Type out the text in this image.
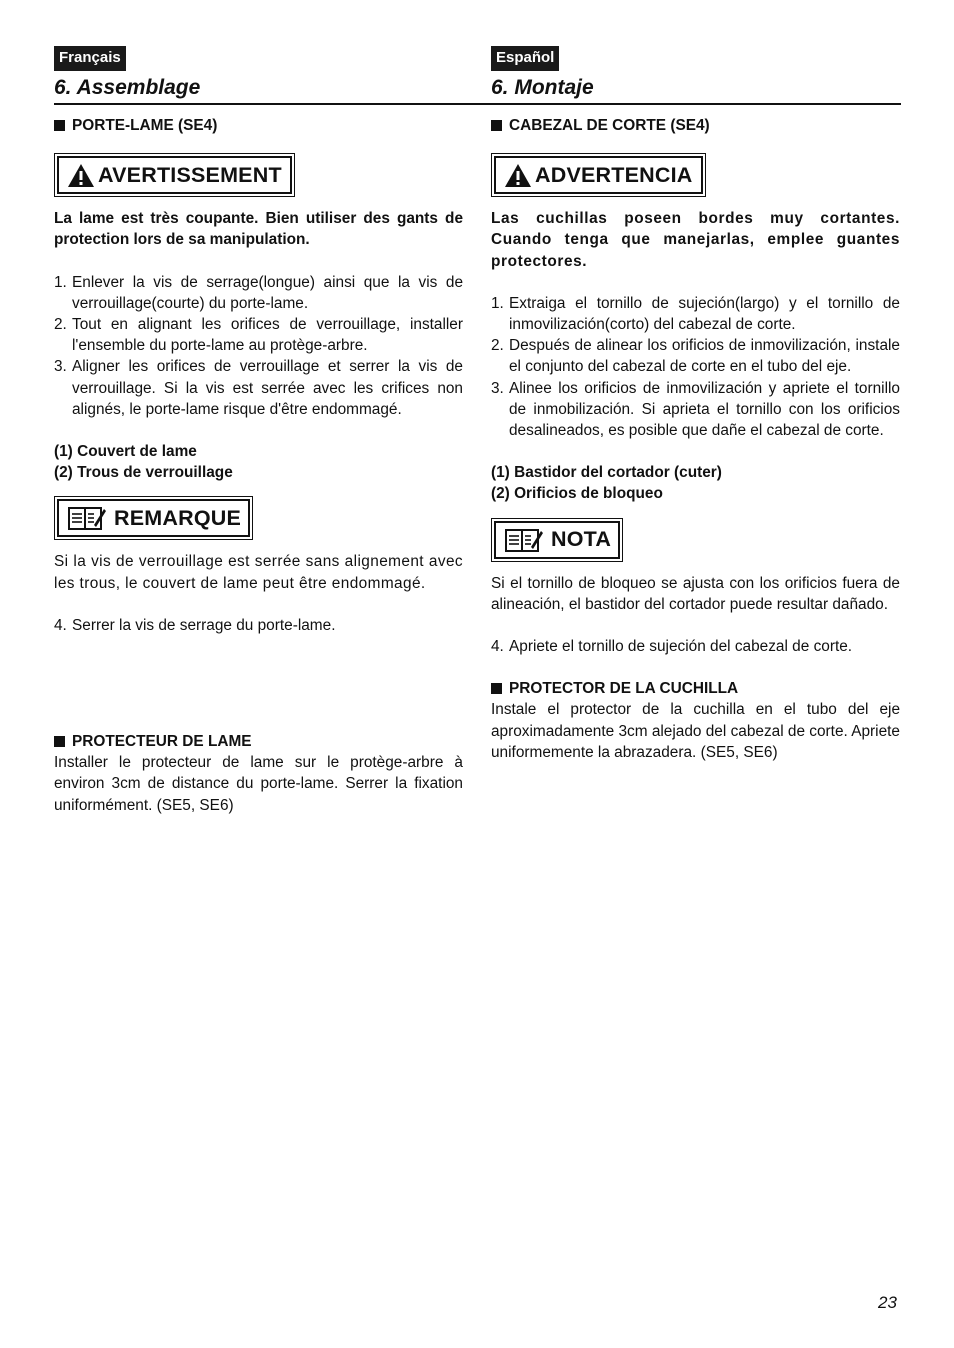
Français
6. Assemblage
PORTE-LAME (SE4)
AVERTISSEMENT

La lame est très coupante. Bien utiliser des gants de protection lors de sa manipulation.

1. Enlever la vis de serrage(longue) ainsi que la vis de verrouillage(courte) du porte-lame.
2. Tout en alignant les orifices de verrouillage, installer l'ensemble du porte-lame au protège-arbre.
3. Aligner les orifices de verrouillage et serrer la vis de verrouillage. Si la vis est serrée avec les crifices non alignés, le porte-lame risque d'être endommagé.
(1) Couvert de lame
(2) Trous de verrouillage
REMARQUE

Si la vis de verrouillage est serrée sans alignement avec les trous, le couvert de lame peut être endommagé.

4. Serrer la vis de serrage du porte-lame.
PROTECTEUR DE LAME

Installer le protecteur de lame sur le protège-arbre à environ 3cm de distance du porte-lame. Serrer la fixation uniformément. (SE5, SE6)

Español
6. Montaje
CABEZAL DE CORTE (SE4)
ADVERTENCIA

Las cuchillas poseen bordes muy cortantes. Cuando tenga que manejarlas, emplee guantes protectores.

1. Extraiga el tornillo de sujeción(largo) y el tornillo de inmovilización(corto) del cabezal de corte.
2. Después de alinear los orificios de inmovilización, instale el conjunto del cabezal de corte en el tubo del eje.
3. Alinee los orificios de inmovilización y apriete el tornillo de inmobilización. Si aprieta el tornillo con los orificios desalineados, es posible que dañe el cabezal de corte.
(1) Bastidor del cortador (cuter)
(2) Orificios de bloqueo
NOTA

Si el tornillo de bloqueo se ajusta con los orificios fuera de alineación, el bastidor del cortador puede resultar dañado.

4. Apriete el tornillo de sujeción del cabezal de corte.
PROTECTOR DE LA CUCHILLA

Instale el protector de la cuchilla en el tubo del eje aproximadamente 3cm alejado del cabezal de corte. Apriete uniformemente la abrazadera. (SE5, SE6)

23
